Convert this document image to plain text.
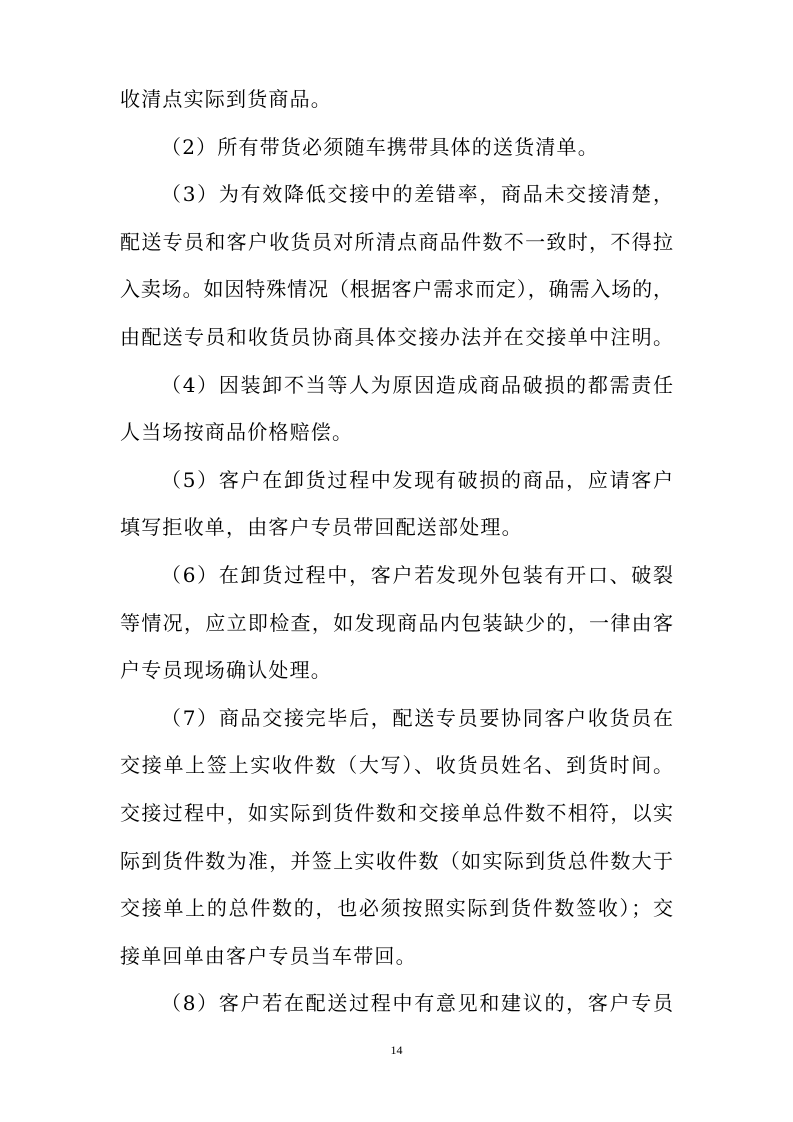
收清点实际到货商品。
（2）所有带货必须随车携带具体的送货清单。
（3）为有效降低交接中的差错率，商品未交接清楚，
配送专员和客户收货员对所清点商品件数不一致时，不得拉
入卖场。如因特殊情况（根据客户需求而定），确需入场的，
由配送专员和收货员协商具体交接办法并在交接单中注明。
（4）因装卸不当等人为原因造成商品破损的都需责任
人当场按商品价格赔偿。
（5）客户在卸货过程中发现有破损的商品，应请客户
填写拒收单，由客户专员带回配送部处理。
（6）在卸货过程中，客户若发现外包装有开口、破裂
等情况，应立即检查，如发现商品内包装缺少的，一律由客
户专员现场确认处理。
（7）商品交接完毕后，配送专员要协同客户收货员在
交接单上签上实收件数（大写）、收货员姓名、到货时间。
交接过程中，如实际到货件数和交接单总件数不相符，以实
际到货件数为准，并签上实收件数（如实际到货总件数大于
交接单上的总件数的，也必须按照实际到货件数签收）；交
接单回单由客户专员当车带回。
（8）客户若在配送过程中有意见和建议的，客户专员
14
